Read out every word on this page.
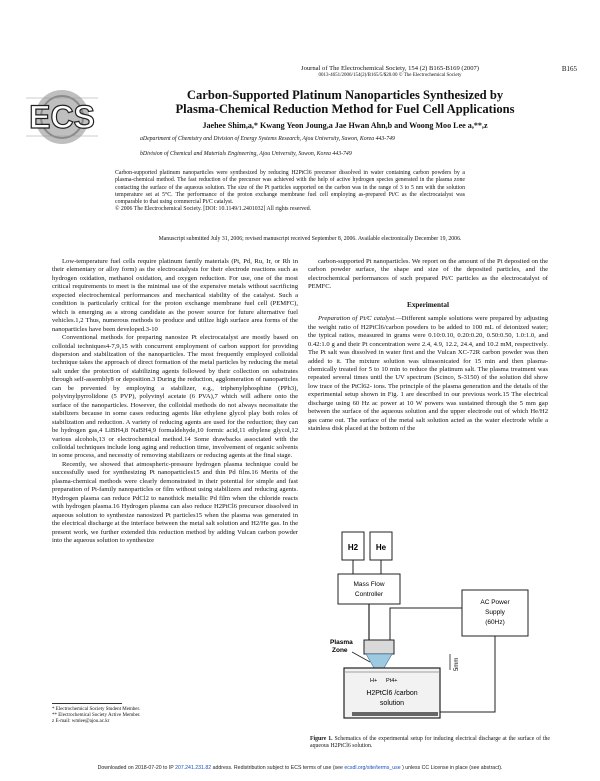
Journal of The Electrochemical Society, 154 (2) B165-B169 (2007)
0013-4651/2006/154(2)/B165/5/$20.00 © The Electrochemical Society
B165
ECS
Carbon-Supported Platinum Nanoparticles Synthesized by
Plasma-Chemical Reduction Method for Fuel Cell Applications
Jaehee Shim,a,* Kwang Yeon Joung,a Jae Hwan Ahn,b and Woong Moo Lee a,**,z
aDepartment of Chemistry and Division of Energy Systems Research, Ajou University, Suwon, Korea 443-749
bDivision of Chemical and Materials Engineering, Ajou University, Suwon, Korea 443-749
Carbon-supported platinum nanoparticles were synthesized by reducing H2PtCl6 precursor dissolved in water containing carbon powders by a plasma-chemical method. The fast reduction of the precursor was achieved with the help of active hydrogen species generated in the plasma zone contacting the surface of the aqueous solution. The size of the Pt particles supported on the carbon was in the range of 3 to 5 nm with the solution temperature set at 5°C. The performance of the proton exchange membrane fuel cell employing as-prepared Pt/C as the electrocatalyst was comparable to that using commercial Pt/C catalyst.
© 2006 The Electrochemical Society. [DOI: 10.1149/1.2401032] All rights reserved.
Manuscript submitted July 31, 2006; revised manuscript received September 8, 2006. Available electronically December 19, 2006.

Low-temperature fuel cells require platinum family materials (Pt, Pd, Ru, Ir, or Rh in their elementary or alloy form) as the electrocatalysts for their electrode reactions such as hydrogen oxidation, methanol oxidation, and oxygen reduction. For use, one of the most critical requirements to meet is the minimal use of the expensive metals without sacrificing expected electrochemical performances and mechanical stability of the catalyst. Such a condition is particularly critical for the proton exchange membrane fuel cell (PEMFC), which is emerging as a strong candidate as the power source for future alternative fuel vehicles.1,2 Thus, numerous methods to produce and utilize high surface area forms of the nanoparticles have been developed.3-10

Conventional methods for preparing nanosize Pt electrocatalyst are mostly based on colloidal techniques4-7,9,15 with concurrent employment of carbon support for providing dispersion and stabilization of the nanoparticles. The most frequently employed colloidal technique takes the approach of direct formation of the metal particles by reducing the metal salt under the protection of stabilizing agents followed by their collection on substrates through self-assembly8 or deposition.3 During the reduction, agglomeration of nanoparticles can be prevented by employing a stabilizer, e.g., triphenylphosphine (PPh3), polyvinylpyrrolidone (5 PVP), polyvinyl acetate (6 PVA),7 which will adhere onto the surface of the nanoparticles. However, the colloidal methods do not always necessitate the stabilizers because in some cases reducing agents like ethylene glycol play both roles of stabilization and reduction. A variety of reducing agents are used for the reduction; they can be hydrogen gas,4 LiBH4,8 NaBH4,9 formaldehyde,10 formic acid,11 ethylene glycol,12 various alcohols,13 or electrochemical method.14 Some drawbacks associated with the colloidal techniques include long aging and reduction time, involvement of organic solvents in some process, and necessity of removing stabilizers or reducing agents at the final stage.

Recently, we showed that atmospheric-pressure hydrogen plasma technique could be successfully used for synthesizing Pt nanoparticles15 and thin Pd film.16 Merits of the plasma-chemical methods were clearly demonstrated in their potential for simple and fast preparation of Pt-family nanoparticles or film without using stabilizers and reducing agents. Hydrogen plasma can reduce PdCl2 to nanothick metallic Pd film when the chloride reacts with hydrogen plasma.16 Hydrogen plasma can also reduce H2PtCl6 precursor dissolved in aqueous solution to synthesize nanosized Pt particles15 when the plasma was generated in the electrical discharge at the interface between the metal salt solution and H2/He gas. In the present work, we further extended this reduction method by adding Vulcan carbon powder into the aqueous solution to synthesize

* Electrochemical Society Student Member.
** Electrochemical Society Active Member.
z E-mail: wmlee@ajou.ac.kr

carbon-supported Pt nanoparticles. We report on the amount of the Pt deposited on the carbon powder surface, the shape and size of the deposited particles, and the electrochemical performances of such prepared Pt/C particles as the electrocatalyst of PEMFC.

Experimental

Preparation of Pt/C catalyst.—Different sample solutions were prepared by adjusting the weight ratio of H2PtCl6/carbon powders to be added to 100 mL of deionized water; the typical ratios, measured in grams were 0.10:0.10, 0.20:0.20, 0.50:0.50, 1.0:1.0, and 0.42:1.0 g and their Pt concentration were 2.4, 4.9, 12.2, 24.4, and 10.2 mM, respectively. The Pt salt was dissolved in water first and the Vulcan XC-72R carbon powder was then added to it. The mixture solution was ultrasonicated for 15 min and then plasma-chemically treated for 5 to 10 min to reduce the platinum salt. The plasma treatment was repeated several times until the UV spectrum (Scinco, S-3150) of the solution did show low trace of the PtCl62- ions. The principle of the plasma generation and the details of the experimental setup shown in Fig. 1 are described in our previous work.15 The electrical discharge using 60 Hz ac power at 10 W powers was sustained through the 5 mm gap between the surface of the aqueous solution and the upper electrode out of which He/H2 gas came out. The surface of the metal salt solution acted as the water electrode while a stainless disk placed at the bottom of the

H2 He
Mass Flow
Controller
AC Power
Supply
(60Hz)
Plasma
Zone
5mm
H+ Pt4+
H2PtCl6 /carbon
solution
Figure 1. Schematics of the experimental setup for inducing electrical discharge at the surface of the aqueous H2PtCl6 solution.
Downloaded on 2018-07-20 to IP 207.241.231.82 address. Redistribution subject to ECS terms of use (see ecsdl.org/site/terms_use ) unless CC License in place (see abstract).
